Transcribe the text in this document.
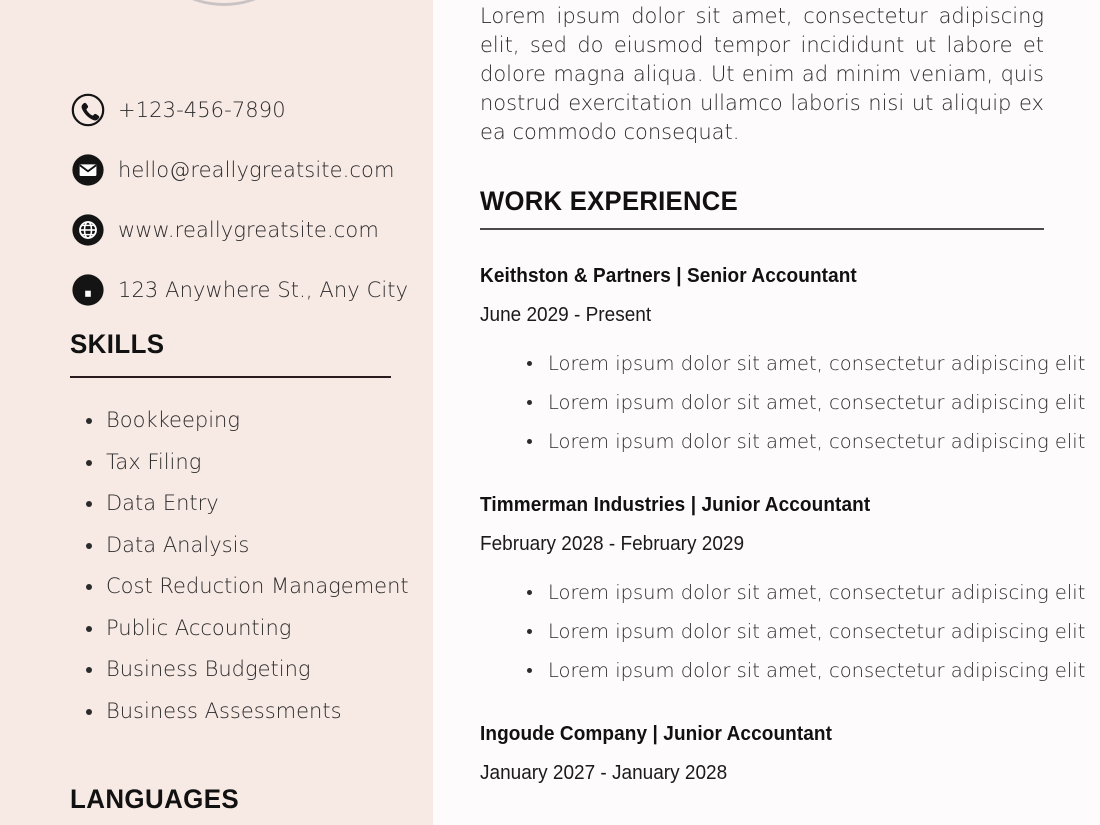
+123-456-7890
hello@reallygreatsite.com
www.reallygreatsite.com
123 Anywhere St., Any City
SKILLS
Bookkeeping
Tax Filing
Data Entry
Data Analysis
Cost Reduction Management
Public Accounting
Business Budgeting
Business Assessments
LANGUAGES

Lorem ipsum dolor sit amet, consectetur adipiscing elit, sed do eiusmod tempor incididunt ut labore et dolore magna aliqua. Ut enim ad minim veniam, quis nostrud exercitation ullamco laboris nisi ut aliquip ex ea commodo consequat.

WORK EXPERIENCE
Keithston & Partners | Senior Accountant

June 2029 - Present

Lorem ipsum dolor sit amet, consectetur adipiscing elit
Lorem ipsum dolor sit amet, consectetur adipiscing elit
Lorem ipsum dolor sit amet, consectetur adipiscing elit
Timmerman Industries | Junior Accountant

February 2028 - February 2029

Lorem ipsum dolor sit amet, consectetur adipiscing elit
Lorem ipsum dolor sit amet, consectetur adipiscing elit
Lorem ipsum dolor sit amet, consectetur adipiscing elit
Ingoude Company | Junior Accountant

January 2027 - January 2028
